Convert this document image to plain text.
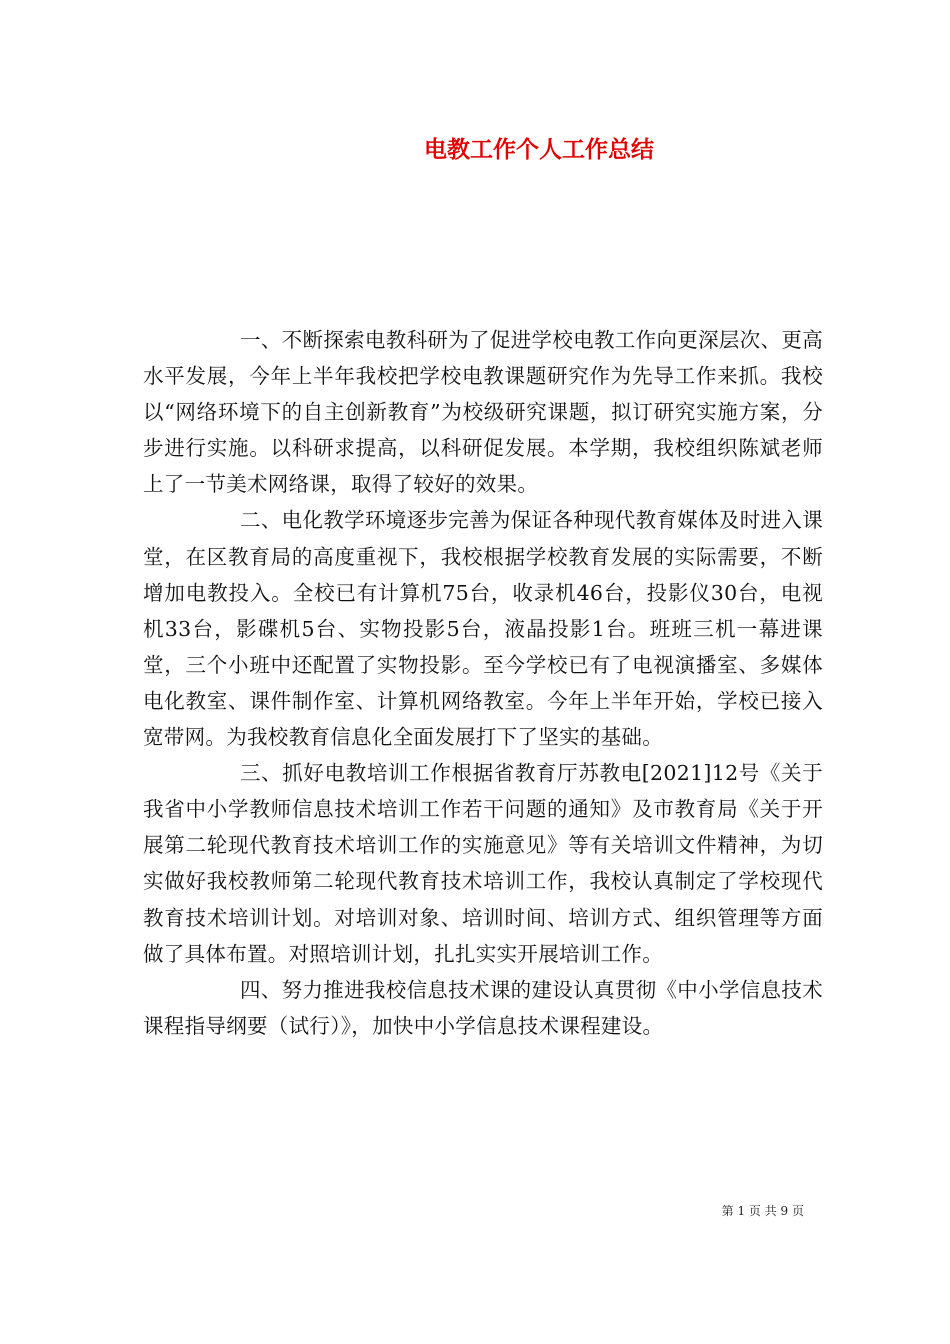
电教工作个人工作总结

一、不断探索电教科研为了促进学校电教工作向更深层次、更高水平发展，今年上半年我校把学校电教课题研究作为先导工作来抓。我校以“网络环境下的自主创新教育”为校级研究课题，拟订研究实施方案，分步进行实施。以科研求提高，以科研促发展。本学期，我校组织陈斌老师上了一节美术网络课，取得了较好的效果。

二、电化教学环境逐步完善为保证各种现代教育媒体及时进入课堂，在区教育局的高度重视下，我校根据学校教育发展的实际需要，不断增加电教投入。全校已有计算机75台，收录机46台，投影仪30台，电视机33台，影碟机5台、实物投影5台，液晶投影1台。班班三机一幕进课堂，三个小班中还配置了实物投影。至今学校已有了电视演播室、多媒体电化教室、课件制作室、计算机网络教室。今年上半年开始，学校已接入宽带网。为我校教育信息化全面发展打下了坚实的基础。

三、抓好电教培训工作根据省教育厅苏教电[2021]12号《关于我省中小学教师信息技术培训工作若干问题的通知》及市教育局《关于开展第二轮现代教育技术培训工作的实施意见》等有关培训文件精神，为切实做好我校教师第二轮现代教育技术培训工作，我校认真制定了学校现代教育技术培训计划。对培训对象、培训时间、培训方式、组织管理等方面做了具体布置。对照培训计划，扎扎实实开展培训工作。

四、努力推进我校信息技术课的建设认真贯彻《中小学信息技术课程指导纲要（试行）》，加快中小学信息技术课程建设。

第 1 页 共 9 页
